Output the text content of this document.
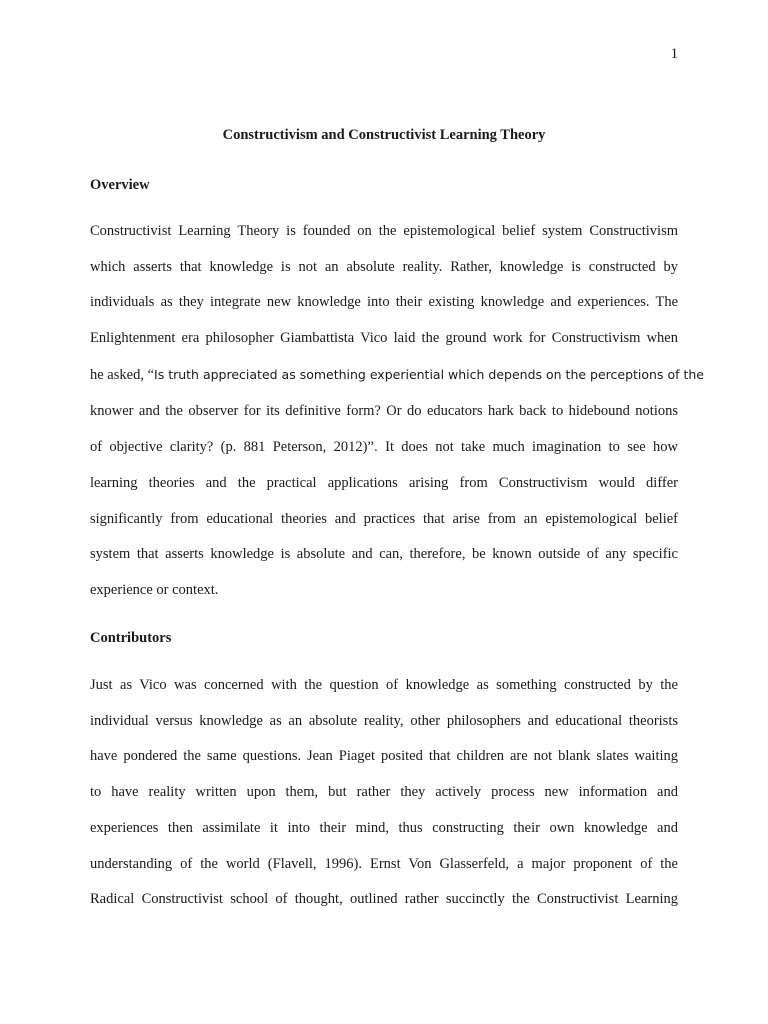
1
Constructivism and Constructivist Learning Theory
Overview
Constructivist Learning Theory is founded on the epistemological belief system Constructivism
which asserts that knowledge is not an absolute reality. Rather, knowledge is constructed by
individuals as they integrate new knowledge into their existing knowledge and experiences. The
Enlightenment era philosopher Giambattista Vico laid the ground work for Constructivism when
he asked, “Is truth appreciated as something experiential which depends on the perceptions of the
knower and the observer for its definitive form? Or do educators hark back to hidebound notions
of objective clarity? (p. 881 Peterson, 2012)”. It does not take much imagination to see how
learning theories and the practical applications arising from Constructivism would differ
significantly from educational theories and practices that arise from an epistemological belief
system that asserts knowledge is absolute and can, therefore, be known outside of any specific
experience or context.
Contributors
Just as Vico was concerned with the question of knowledge as something constructed by the
individual versus knowledge as an absolute reality, other philosophers and educational theorists
have pondered the same questions. Jean Piaget posited that children are not blank slates waiting
to have reality written upon them, but rather they actively process new information and
experiences then assimilate it into their mind, thus constructing their own knowledge and
understanding of the world (Flavell, 1996). Ernst Von Glasserfeld, a major proponent of the
Radical Constructivist school of thought, outlined rather succinctly the Constructivist Learning
